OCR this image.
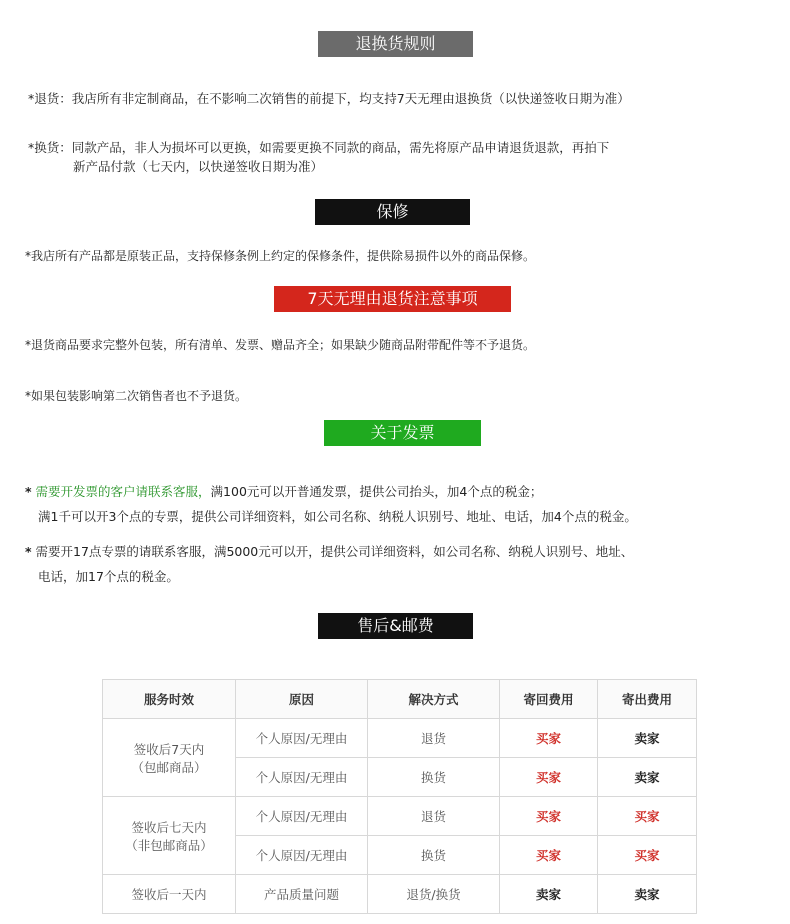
退换货规则
*退货：我店所有非定制商品，在不影响二次销售的前提下，均支持7天无理由退换货（以快递签收日期为准）
*换货：同款产品，非人为损坏可以更换，如需要更换不同款的商品，需先将原产品申请退货退款，再拍下
新产品付款（七天内，以快递签收日期为准）
保修
*我店所有产品都是原装正品，支持保修条例上约定的保修条件，提供除易损件以外的商品保修。
7天无理由退货注意事项
*退货商品要求完整外包装，所有清单、发票、赠品齐全；如果缺少随商品附带配件等不予退货。
*如果包装影响第二次销售者也不予退货。
关于发票
* 需要开发票的客户请联系客服，满100元可以开普通发票，提供公司抬头，加4个点的税金；
满1千可以开3个点的专票，提供公司详细资料，如公司名称、纳税人识别号、地址、电话，加4个点的税金。
* 需要开17点专票的请联系客服，满5000元可以开，提供公司详细资料，如公司名称、纳税人识别号、地址、
电话，加17个点的税金。
售后&邮费
服务时效	原因	解决方式	寄回费用	寄出费用

签收后7天内
（包邮商品）	个人原因/无理由	退货	买家	卖家
	个人原因/无理由	换货	买家	卖家

签收后七天内
（非包邮商品）	个人原因/无理由	退货	买家	买家
	个人原因/无理由	换货	买家	买家
签收后一天内	产品质量问题	退货/换货	卖家	卖家
